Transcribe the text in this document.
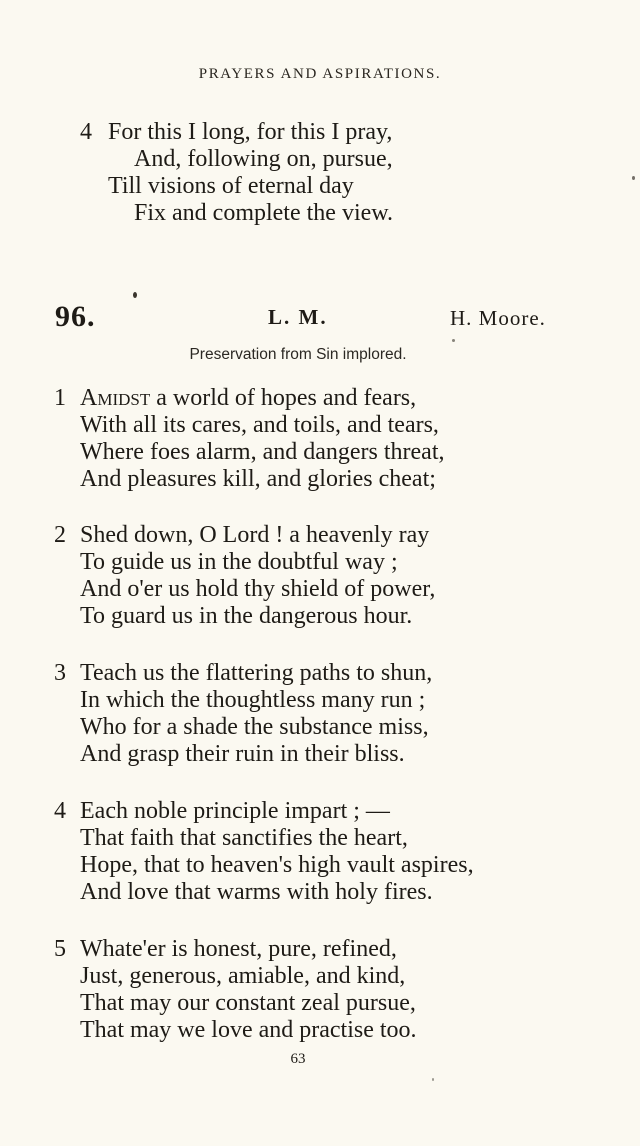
PRAYERS AND ASPIRATIONS.
4 For this I long, for this I pray,
And, following on, pursue,
Till visions of eternal day
Fix and complete the view.
96.	L. M.	H. Moore.
Preservation from Sin implored.
1 Amidst a world of hopes and fears,
With all its cares, and toils, and tears,
Where foes alarm, and dangers threat,
And pleasures kill, and glories cheat;
2 Shed down, O Lord ! a heavenly ray
To guide us in the doubtful way ;
And o'er us hold thy shield of power,
To guard us in the dangerous hour.
3 Teach us the flattering paths to shun,
In which the thoughtless many run ;
Who for a shade the substance miss,
And grasp their ruin in their bliss.
4 Each noble principle impart ; —
That faith that sanctifies the heart,
Hope, that to heaven's high vault aspires,
And love that warms with holy fires.
5 Whate'er is honest, pure, refined,
Just, generous, amiable, and kind,
That may our constant zeal pursue,
That may we love and practise too.
63
